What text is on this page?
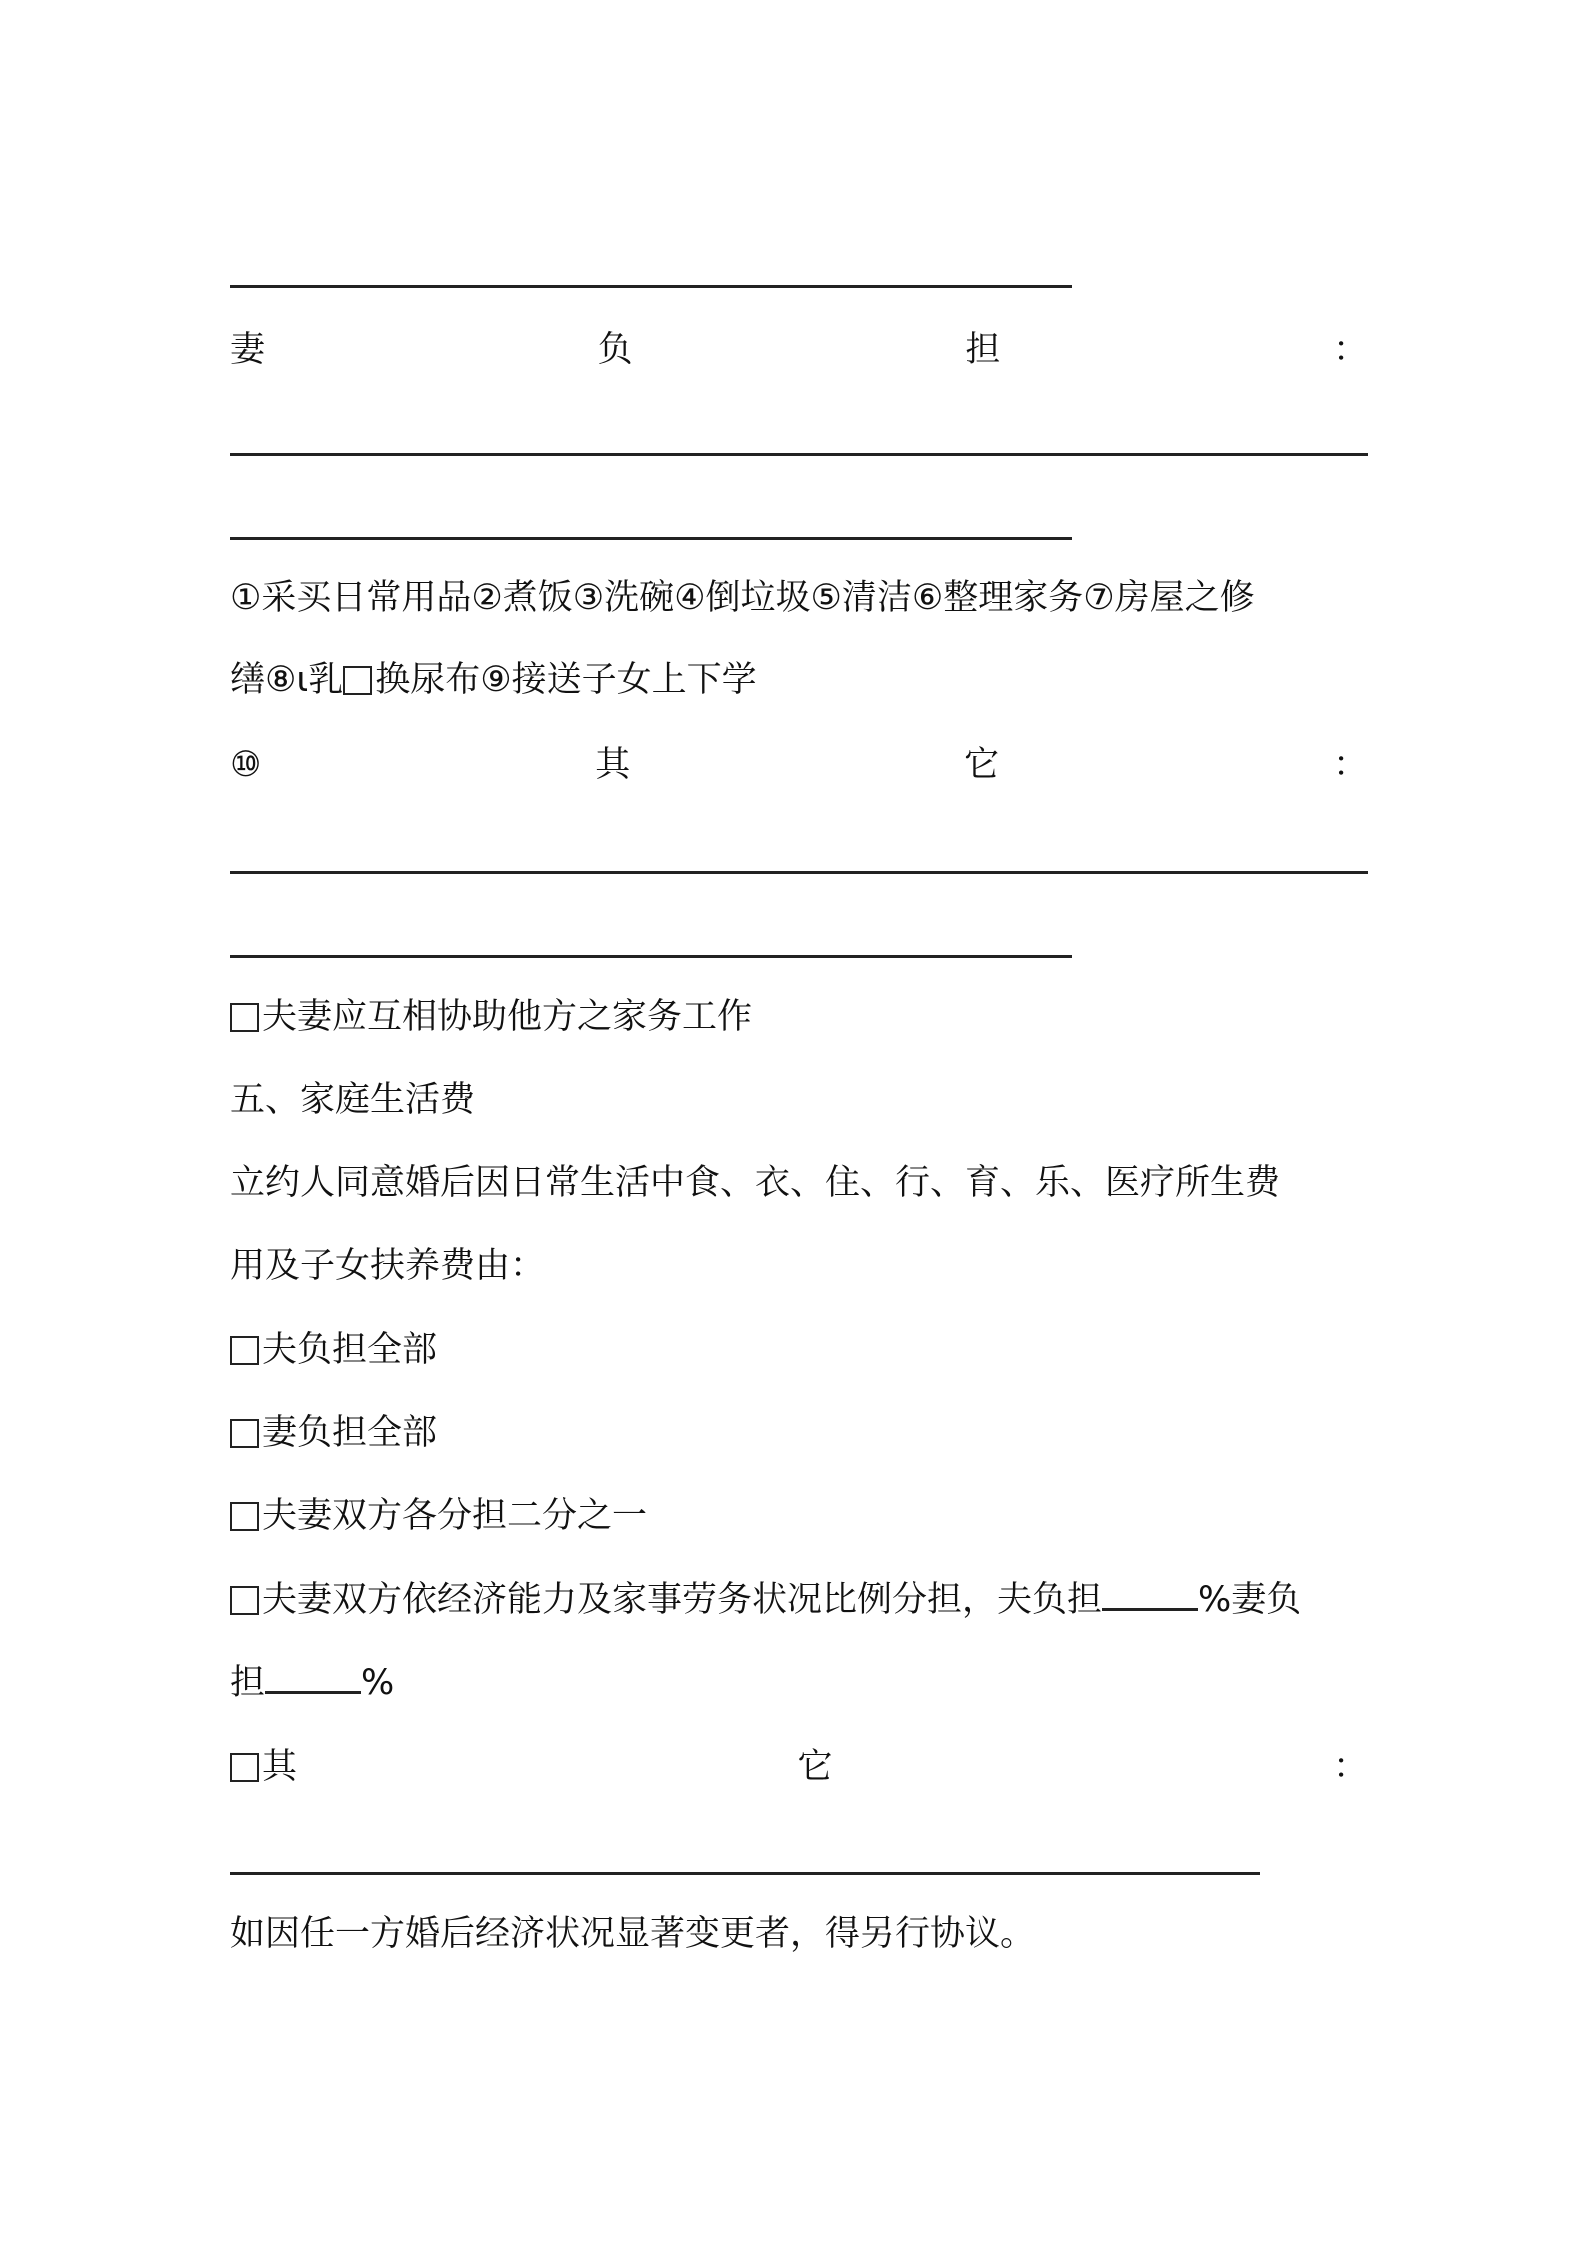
妻	负	担	：
①采买日常用品②煮饭③洗碗④倒垃圾⑤清洁⑥整理家务⑦房屋之修
缮⑧ι乳 换尿布⑨接送子女上下学
⑩	其	它	：
夫妻应互相协助他方之家务工作
五、家庭生活费
立约人同意婚后因日常生活中食、衣、住、行、育、乐、医疗所生费
用及子女扶养费由：
夫负担全部
妻负担全部
夫妻双方各分担二分之一
夫妻双方依经济能力及家事劳务状况比例分担，夫负担	%妻负
担	%
其	它	：
如因任一方婚后经济状况显著变更者，得另行协议。
